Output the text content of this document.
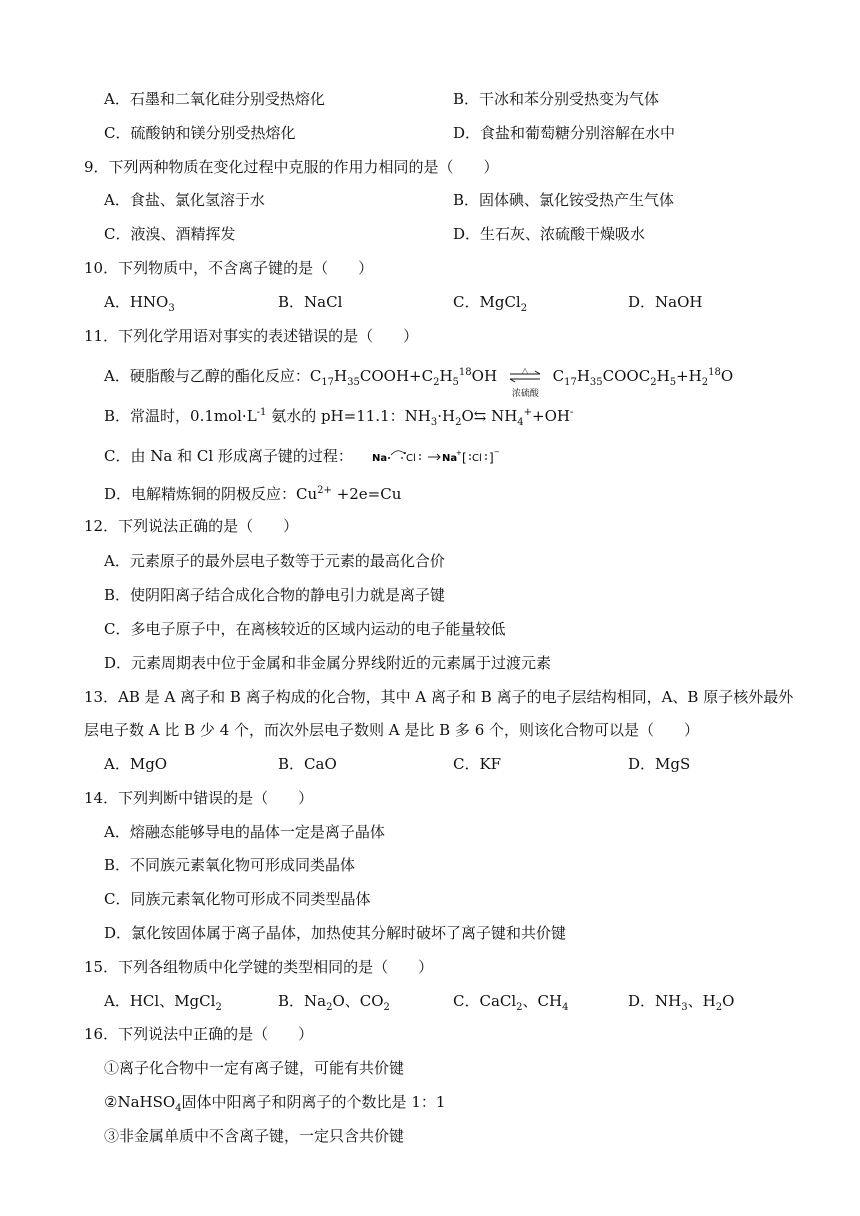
A．石墨和二氧化硅分别受热熔化	B．干冰和苯分别受热变为气体
C．硫酸钠和镁分别受热熔化	D．食盐和葡萄糖分别溶解在水中
9．下列两种物质在变化过程中克服的作用力相同的是（　　）
A．食盐、氯化氢溶于水	B．固体碘、氯化铵受热产生气体
C．液溴、酒精挥发	D．生石灰、浓硫酸干燥吸水
10．下列物质中，不含离子键的是（　　）
A．$HNO_3$	B．NaCl	C．MgCl$_2$	D．NaOH
11．下列化学用语对事实的表述错误的是（　　）
A．硬脂酸与乙醇的酯化反应：$C_{17}H_{35}COOH+C_2H_5^{18}OH$	△
浓硫酸
$C_{17}H_{35}COOC_2H_5+H_2^{18}O$
B．常温时，$0.1mol\cdot L^{-1}$ 氨水的 pH=11.1：$NH_3\cdot H_2O⇆$ $NH_4^++OH^-$
C．由 Na 和 Cl 形成离子键的过程： Na Cl	Na
+ [ Cl ] −
D．电解精炼铜的阴极反应：$Cu^{2+} +2e=Cu$
12．下列说法正确的是（　　）
A．元素原子的最外层电子数等于元素的最高化合价
B．使阴阳离子结合成化合物的静电引力就是离子键
C．多电子原子中，在离核较近的区域内运动的电子能量较低
D．元素周期表中位于金属和非金属分界线附近的元素属于过渡元素
13．AB 是 A 离子和 B 离子构成的化合物，其中 A 离子和 B 离子的电子层结构相同，A、B 原子核外最外
层电子数 A 比 B 少 4 个，而次外层电子数则 A 是比 B 多 6 个，则该化合物可以是（　　）
A．MgO	B．CaO	C．KF	D．MgS
14．下列判断中错误的是（　　）
A．熔融态能够导电的晶体一定是离子晶体
B．不同族元素氧化物可形成同类晶体
C．同族元素氧化物可形成不同类型晶体
D．氯化铵固体属于离子晶体，加热使其分解时破坏了离子键和共价键
15．下列各组物质中化学键的类型相同的是（　　）
A．HCl、MgCl$_2$	B．$Na_2O$、$CO_2$	C．CaCl$_2$、$CH_4$	D．$NH_3$、$H_2O$
16．下列说法中正确的是（　　）
①离子化合物中一定有离子键，可能有共价键
②NaHSO$_4$固体中阳离子和阴离子的个数比是 1：1
③非金属单质中不含离子键，一定只含共价键
